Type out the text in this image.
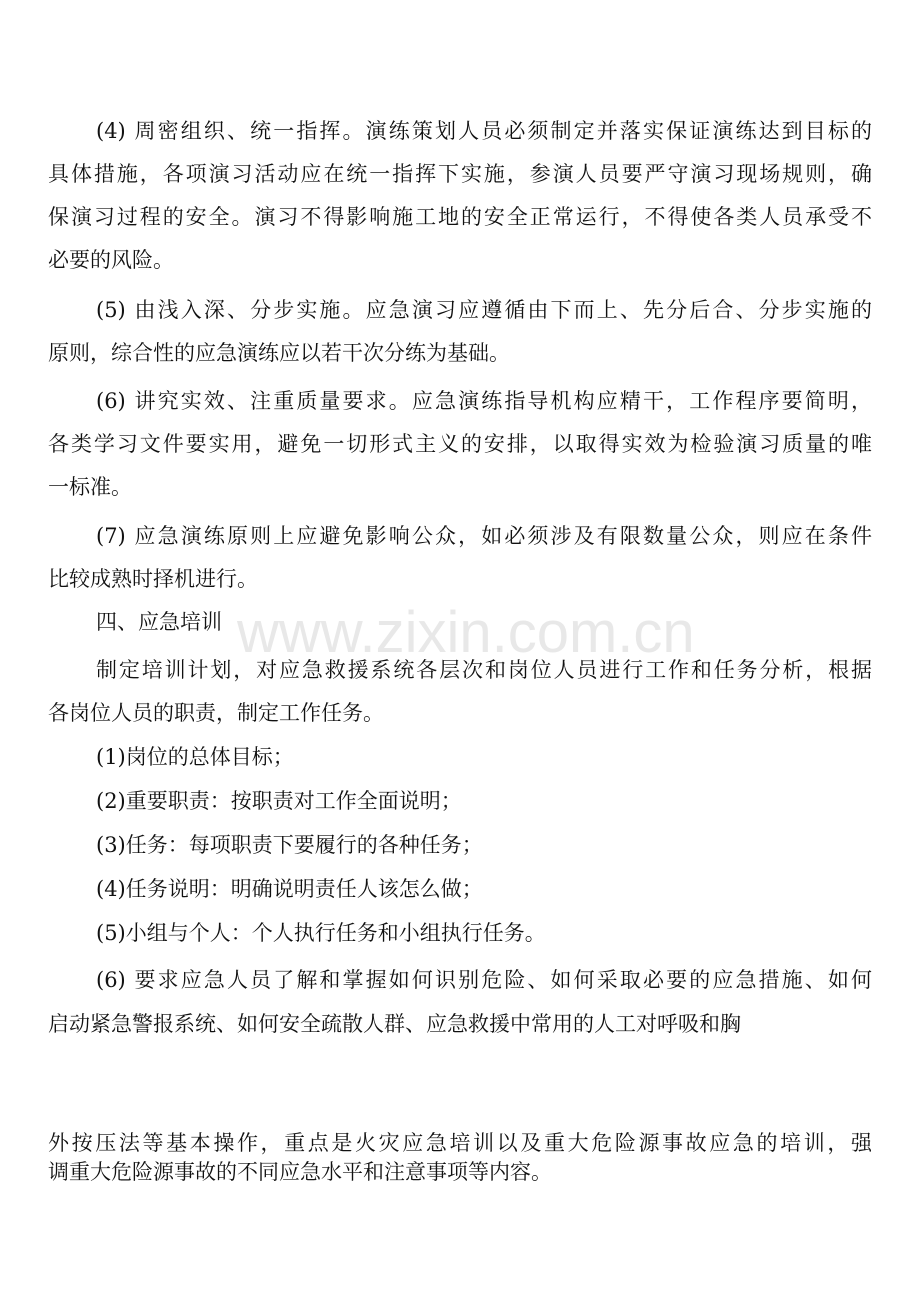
(4) 周密组织、统一指挥。演练策划人员必须制定并落实保证演练达到目标的
具体措施，各项演习活动应在统一指挥下实施，参演人员要严守演习现场规则，确
保演习过程的安全。演习不得影响施工地的安全正常运行，不得使各类人员承受不
必要的风险。
(5) 由浅入深、分步实施。应急演习应遵循由下而上、先分后合、分步实施的
原则，综合性的应急演练应以若干次分练为基础。
(6) 讲究实效、注重质量要求。应急演练指导机构应精干，工作程序要简明，
各类学习文件要实用，避免一切形式主义的安排，以取得实效为检验演习质量的唯
一标准。
(7) 应急演练原则上应避免影响公众，如必须涉及有限数量公众，则应在条件
比较成熟时择机进行。
四、应急培训
制定培训计划，对应急救援系统各层次和岗位人员进行工作和任务分析，根据
各岗位人员的职责，制定工作任务。
(1)岗位的总体目标；
(2)重要职责：按职责对工作全面说明；
(3)任务：每项职责下要履行的各种任务；
(4)任务说明：明确说明责任人该怎么做；
(5)小组与个人：个人执行任务和小组执行任务。
(6) 要求应急人员了解和掌握如何识别危险、如何采取必要的应急措施、如何
启动紧急警报系统、如何安全疏散人群、应急救援中常用的人工对呼吸和胸
外按压法等基本操作，重点是火灾应急培训以及重大危险源事故应急的培训，强
调重大危险源事故的不同应急水平和注意事项等内容。
www.zixin.com.cn
